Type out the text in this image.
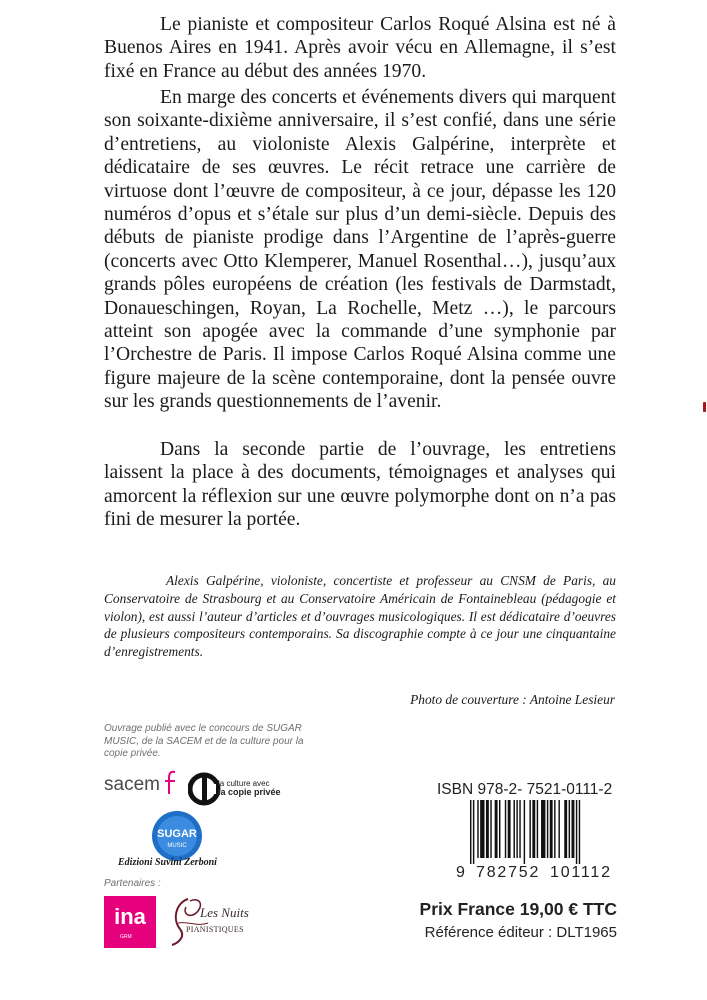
Le pianiste et compositeur Carlos Roqué Alsina est né à Buenos Aires en 1941. Après avoir vécu en Allemagne, il s’est fixé en France au début des années 1970.

En marge des concerts et événements divers qui marquent son soixante-dixième anniversaire, il s’est confié, dans une série d’entretiens, au violoniste Alexis Galpérine, interprète et dédicataire de ses œuvres. Le récit retrace une carrière de virtuose dont l’œuvre de compositeur, à ce jour, dépasse les 120 numéros d’opus et s’étale sur plus d’un demi-siècle. Depuis des débuts de pianiste prodige dans l’Argentine de l’après-guerre (concerts avec Otto Klemperer, Manuel Rosenthal…), jusqu’aux grands pôles européens de création (les festivals de Darmstadt, Donaueschingen, Royan, La Rochelle, Metz …), le parcours atteint son apogée avec la commande d’une symphonie par l’Orchestre de Paris. Il impose Carlos Roqué Alsina comme une figure majeure de la scène contemporaine, dont la pensée ouvre sur les grands questionnements de l’avenir.

Dans la seconde partie de l’ouvrage, les entretiens laissent la place à des documents, témoignages et analyses qui amorcent la réflexion sur une œuvre polymorphe dont on n’a pas fini de mesurer la portée.

Alexis Galpérine, violoniste, concertiste et professeur au CNSM de Paris, au Conservatoire de Strasbourg et au Conservatoire Américain de Fontainebleau (pédagogie et violon), est aussi l’auteur d’articles et d’ouvrages musicologiques. Il est dédicataire d’oeuvres de plusieurs compositeurs contemporains. Sa discographie compte à ce jour une cinquantaine d’enregistrements.

Photo de couverture : Antoine Lesieur

Ouvrage publié avec le concours de SUGAR MUSIC, de la SACEM et de la culture pour la copie privée.

sacem	la culture avec
la copie privée
SUGAR
MUSIC
Edizioni Suvini Zerboni
Partenaires :
ina
GRM
Les Nuits
PIANISTIQUES
ISBN 978-2- 7521-0111-2
9 782752 101112
Prix France 19,00 € TTC
Référence éditeur : DLT1965
